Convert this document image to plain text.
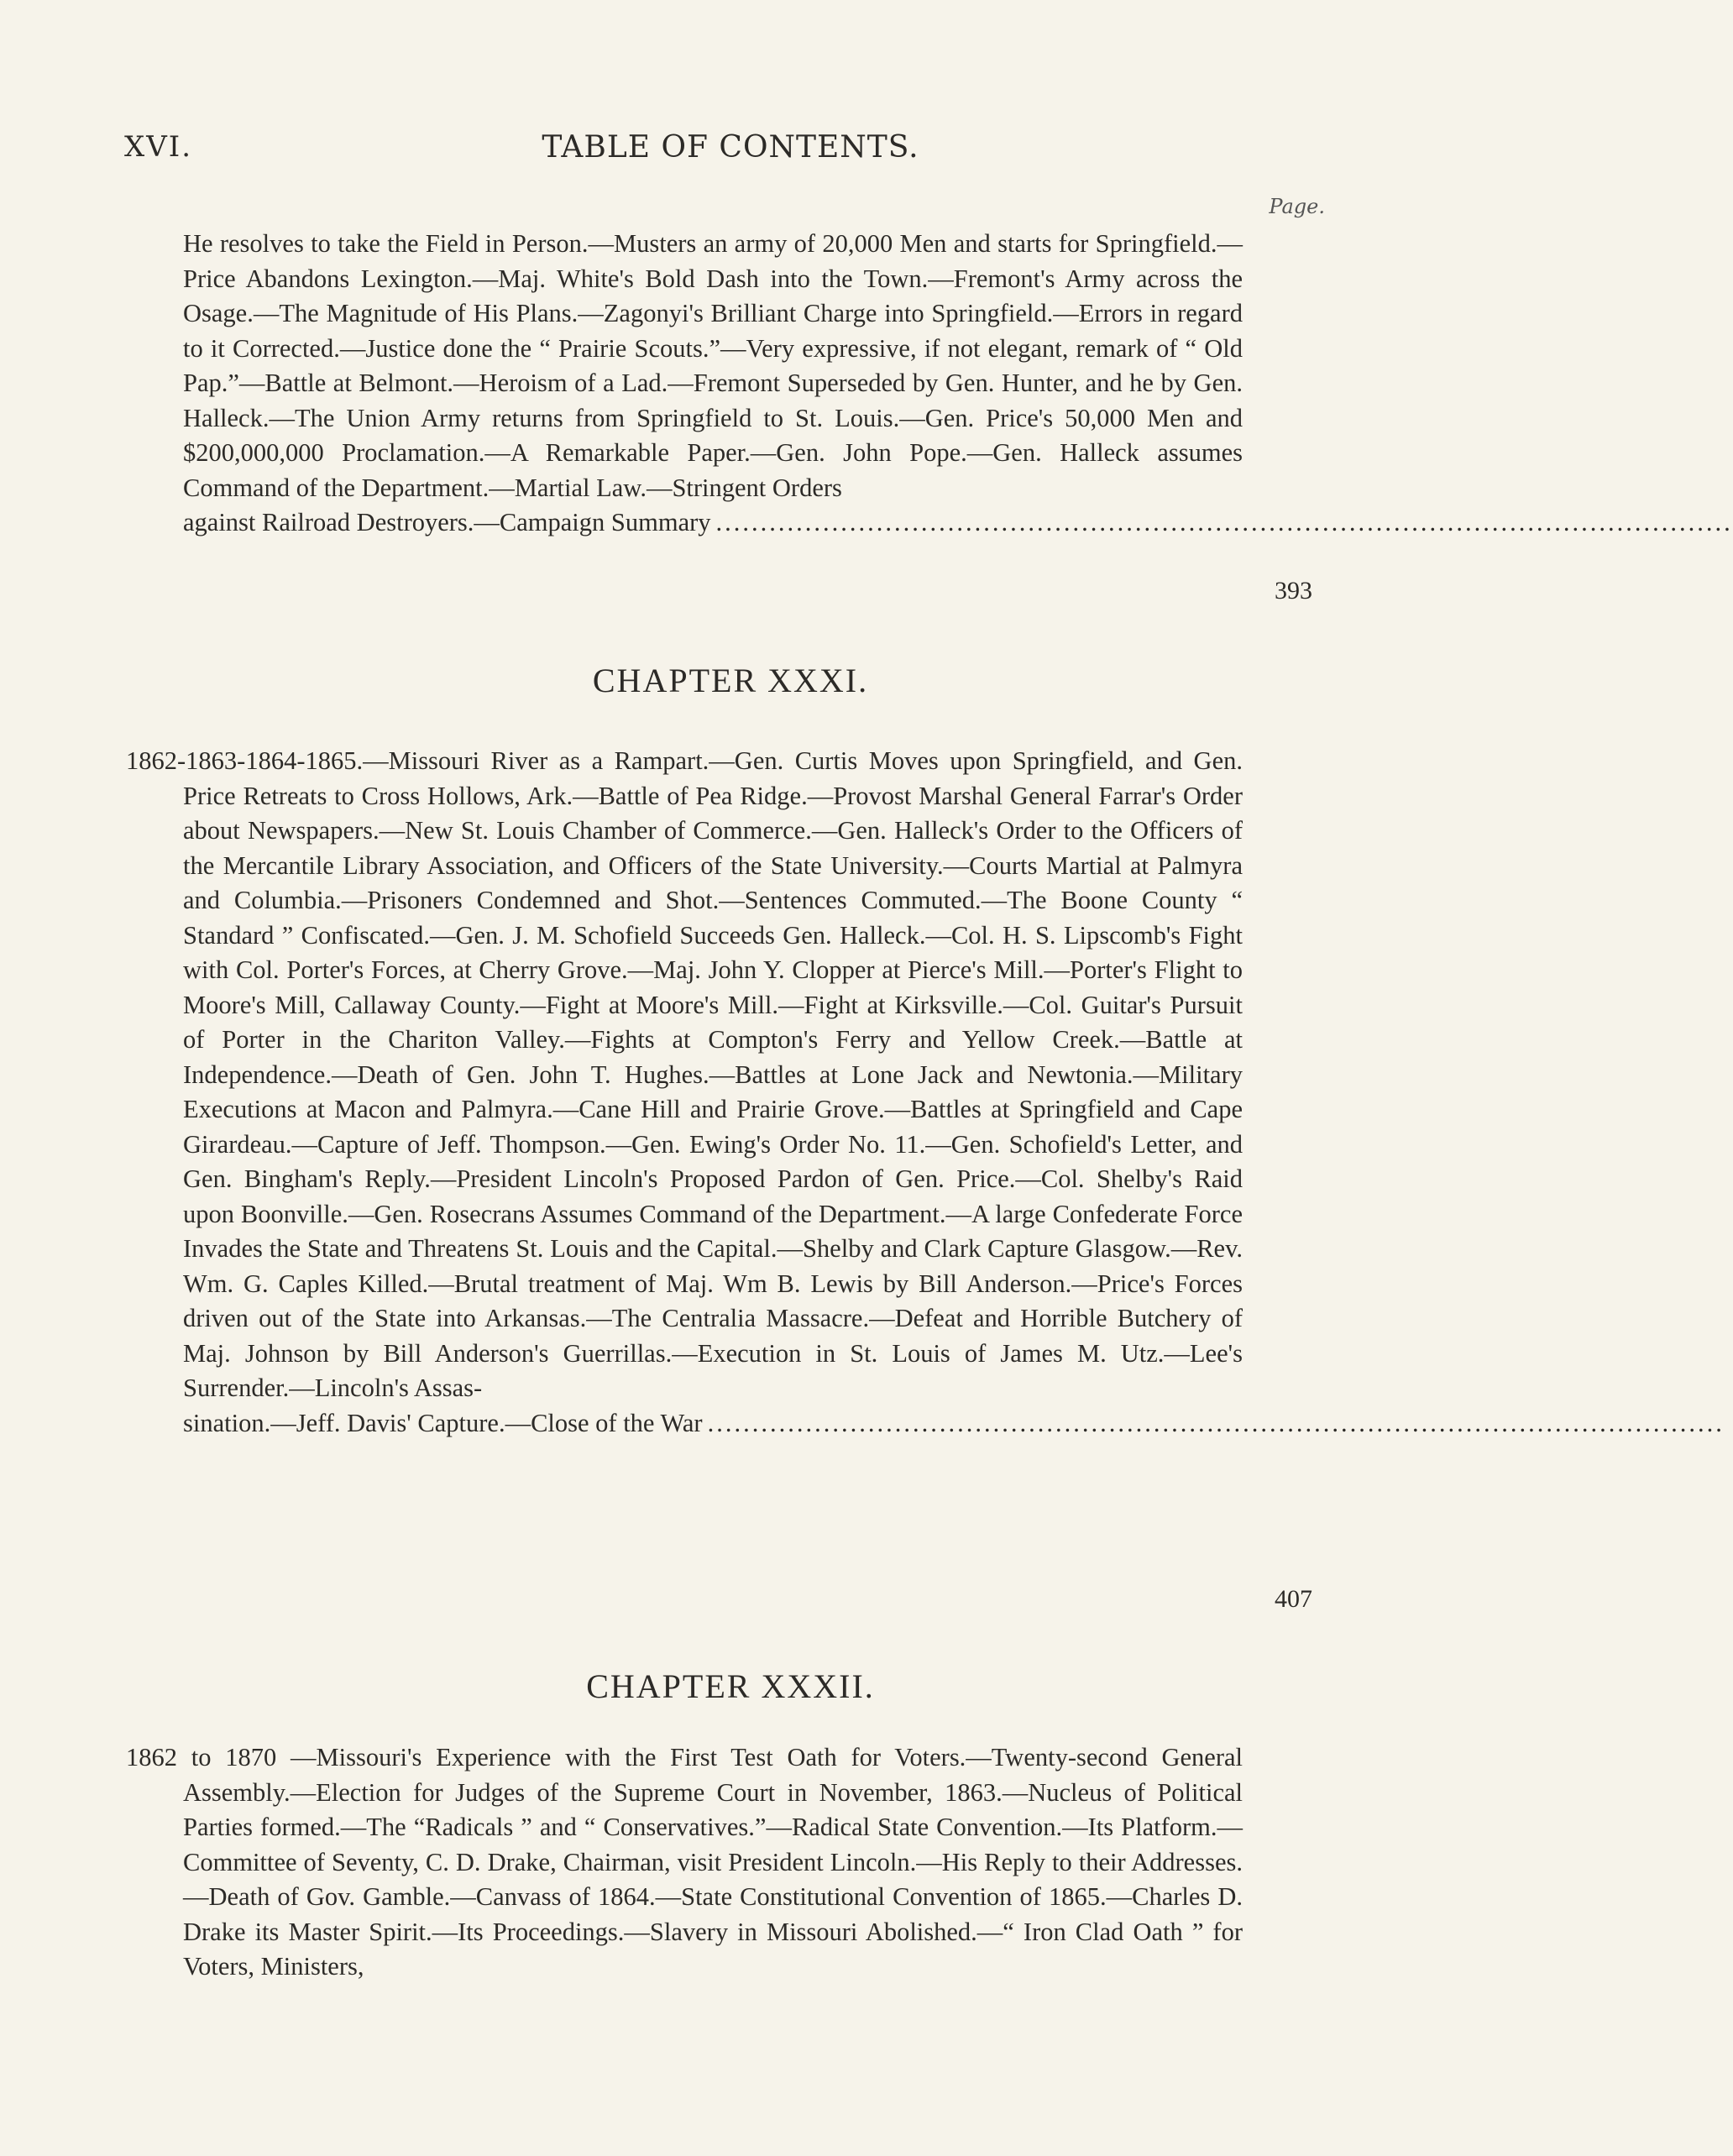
XVI.	TABLE OF CONTENTS.
Page.
He resolves to take the Field in Person.—Musters an army of 20,000 Men and starts for Springfield.—Price Abandons Lexington.—Maj. White's Bold Dash into the Town.—Fremont's Army across the Osage.—The Magnitude of His Plans.—Zagonyi's Brilliant Charge into Springfield.—Errors in regard to it Corrected.—Justice done the “ Prairie Scouts.”—Very expressive, if not elegant, remark of “ Old Pap.”—Battle at Belmont.—Heroism of a Lad.—Fremont Superseded by Gen. Hunter, and he by Gen. Halleck.—The Union Army returns from Springfield to St. Louis.—Gen. Price's 50,000 Men and $200,000,000 Proclamation.—A Remarkable Paper.—Gen. John Pope.—Gen. Halleck assumes Command of the Department.—Martial Law.—Stringent Orders
against Railroad Destroyers.—Campaign Summary ..................................................................................................................
393
CHAPTER XXXI.
1862-1863-1864-1865.—Missouri River as a Rampart.—Gen. Curtis Moves upon Springfield, and Gen. Price Retreats to Cross Hollows, Ark.—Battle of Pea Ridge.—Provost Marshal General Farrar's Order about Newspapers.—New St. Louis Chamber of Commerce.—Gen. Halleck's Order to the Officers of the Mercantile Library Association, and Officers of the State University.—Courts Martial at Palmyra and Columbia.—Prisoners Condemned and Shot.—Sentences Commuted.—The Boone County “ Standard ” Confiscated.—Gen. J. M. Schofield Succeeds Gen. Halleck.—Col. H. S. Lipscomb's Fight with Col. Porter's Forces, at Cherry Grove.—Maj. John Y. Clopper at Pierce's Mill.—Porter's Flight to Moore's Mill, Callaway County.—Fight at Moore's Mill.—Fight at Kirksville.—Col. Guitar's Pursuit of Porter in the Chariton Valley.—Fights at Compton's Ferry and Yellow Creek.—Battle at Independence.—Death of Gen. John T. Hughes.—Battles at Lone Jack and Newtonia.—Military Executions at Macon and Palmyra.—Cane Hill and Prairie Grove.—Battles at Springfield and Cape Girardeau.—Capture of Jeff. Thompson.—Gen. Ewing's Order No. 11.—Gen. Schofield's Letter, and Gen. Bingham's Reply.—President Lincoln's Proposed Pardon of Gen. Price.—Col. Shelby's Raid upon Boonville.—Gen. Rosecrans Assumes Command of the Department.—A large Confederate Force Invades the State and Threatens St. Louis and the Capital.—Shelby and Clark Capture Glasgow.—Rev. Wm. G. Caples Killed.—Brutal treatment of Maj. Wm B. Lewis by Bill Anderson.—Price's Forces driven out of the State into Arkansas.—The Centralia Massacre.—Defeat and Horrible Butchery of Maj. Johnson by Bill Anderson's Guerrillas.—Execution in St. Louis of James M. Utz.—Lee's Surrender.—Lincoln's Assas-
sination.—Jeff. Davis' Capture.—Close of the War ..................................................................................................................
407
CHAPTER XXXII.
1862 to 1870 —Missouri's Experience with the First Test Oath for Voters.—Twenty-second General Assembly.—Election for Judges of the Supreme Court in November, 1863.—Nucleus of Political Parties formed.—The “Radicals ” and “ Conservatives.”—Radical State Convention.—Its Platform.—Committee of Seventy, C. D. Drake, Chairman, visit President Lincoln.—His Reply to their Addresses.—Death of Gov. Gamble.—Canvass of 1864.—State Constitutional Convention of 1865.—Charles D. Drake its Master Spirit.—Its Proceedings.—Slavery in Missouri Abolished.—“ Iron Clad Oath ” for Voters, Ministers,
